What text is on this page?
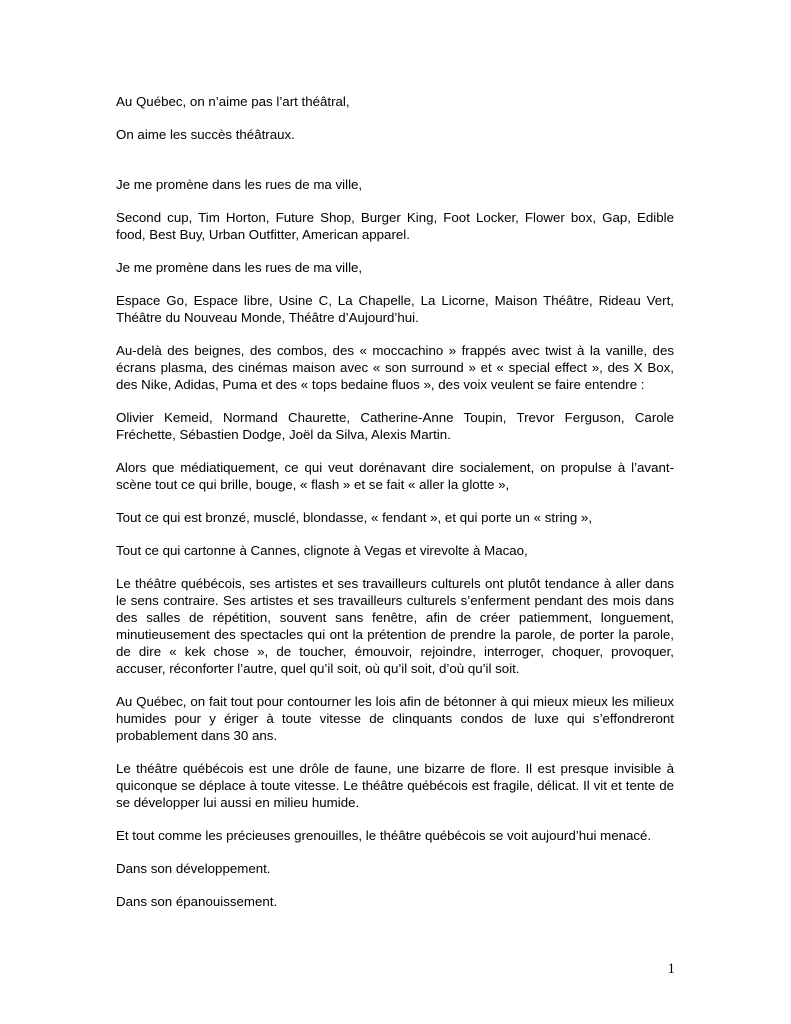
Au Québec, on n’aime pas l’art théâtral,

On aime les succès théâtraux.

Je me promène dans les rues de ma ville,

Second cup, Tim Horton, Future Shop, Burger King, Foot Locker, Flower box, Gap, Edible food, Best Buy, Urban Outfitter, American apparel.

Je me promène dans les rues de ma ville,

Espace Go, Espace libre, Usine C, La Chapelle, La Licorne, Maison Théâtre, Rideau Vert, Théâtre du Nouveau Monde, Théâtre d’Aujourd’hui.

Au-delà des beignes, des combos, des « moccachino » frappés avec twist à la vanille, des écrans plasma, des cinémas maison avec « son surround » et « special effect », des X Box, des Nike, Adidas, Puma et des « tops bedaine fluos », des voix veulent se faire entendre :

Olivier Kemeid, Normand Chaurette, Catherine-Anne Toupin, Trevor Ferguson, Carole Fréchette, Sébastien Dodge, Joël da Silva, Alexis Martin.

Alors que médiatiquement, ce qui veut dorénavant dire socialement, on propulse à l’avant-scène tout ce qui brille, bouge, « flash » et se fait « aller la glotte »,

Tout ce qui est bronzé, musclé, blondasse, « fendant », et qui porte un « string »,

Tout ce qui cartonne à Cannes, clignote à Vegas et virevolte à Macao,

Le théâtre québécois, ses artistes et ses travailleurs culturels ont plutôt tendance à aller dans le sens contraire. Ses artistes et ses travailleurs culturels s’enferment pendant des mois dans des salles de répétition, souvent sans fenêtre, afin de créer patiemment, longuement, minutieusement des spectacles qui ont la prétention de prendre la parole, de porter la parole, de dire « kek chose », de toucher, émouvoir, rejoindre, interroger, choquer, provoquer, accuser, réconforter l’autre, quel qu’il soit, où qu’il soit, d’où qu’il soit.

Au Québec, on fait tout pour contourner les lois afin de bétonner à qui mieux mieux les milieux humides pour y ériger à toute vitesse de clinquants condos de luxe qui s’effondreront probablement dans 30 ans.

Le théâtre québécois est une drôle de faune, une bizarre de flore. Il est presque invisible à quiconque se déplace à toute vitesse. Le théâtre québécois est fragile, délicat. Il vit et tente de se développer lui aussi en milieu humide.

Et tout comme les précieuses grenouilles, le théâtre québécois se voit aujourd’hui menacé.

Dans son développement.

Dans son épanouissement.

1
